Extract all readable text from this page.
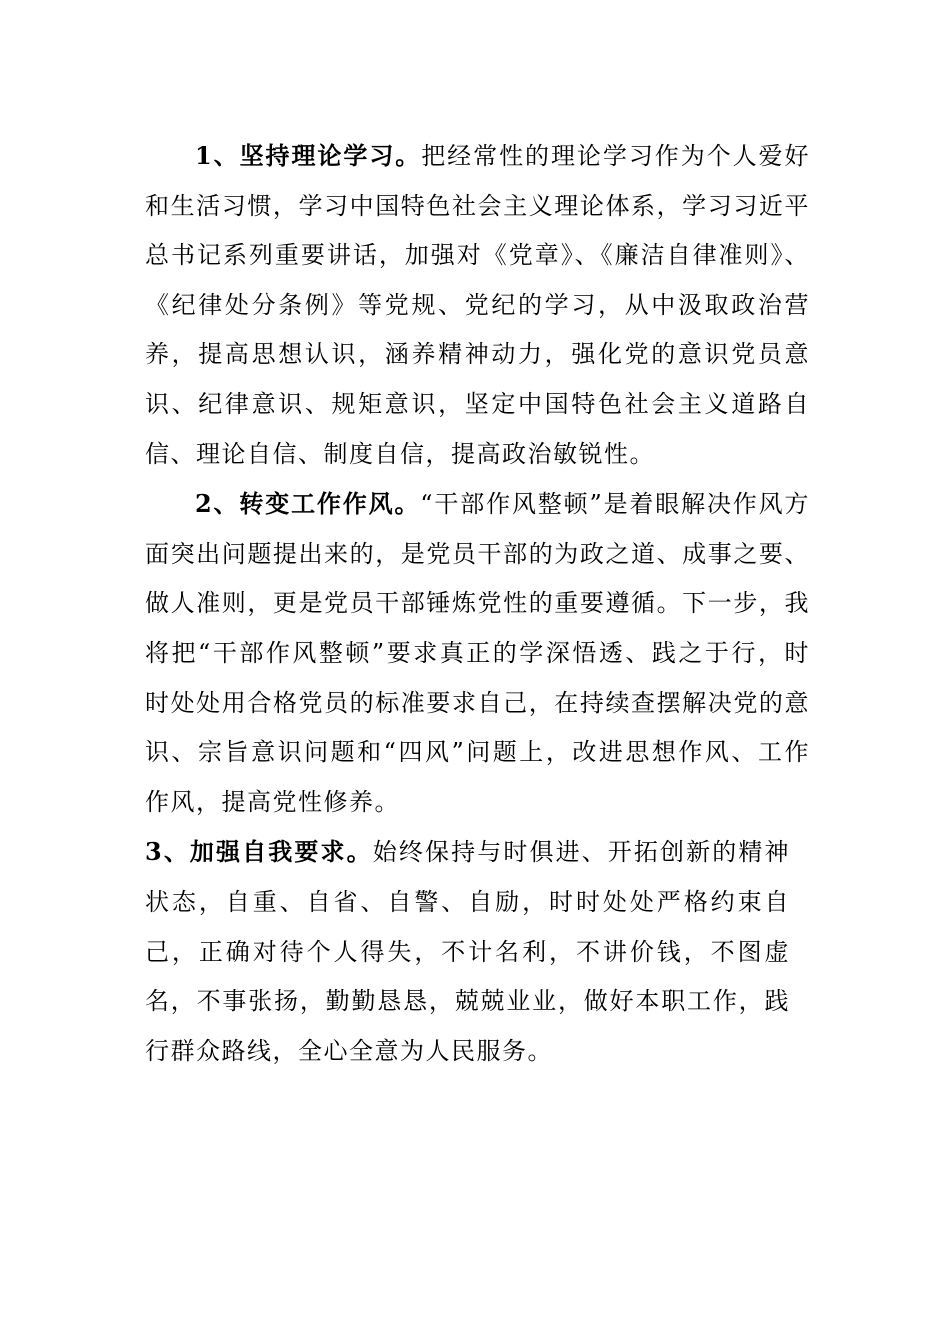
1、坚持理论学习。把经常性的理论学习作为个人爱好和生活习惯，学习中国特色社会主义理论体系，学习习近平总书记系列重要讲话，加强对《党章》、《廉洁自律准则》、《纪律处分条例》等党规、党纪的学习，从中汲取政治营养，提高思想认识，涵养精神动力，强化党的意识党员意识、纪律意识、规矩意识，坚定中国特色社会主义道路自信、理论自信、制度自信，提高政治敏锐性。

2、转变工作作风。“干部作风整顿”是着眼解决作风方面突出问题提出来的，是党员干部的为政之道、成事之要、做人准则，更是党员干部锤炼党性的重要遵循。下一步，我将把“干部作风整顿”要求真正的学深悟透、践之于行，时时处处用合格党员的标准要求自己，在持续查摆解决党的意识、宗旨意识问题和“四风”问题上，改进思想作风、工作作风，提高党性修养。

3、加强自我要求。始终保持与时俱进、开拓创新的精神状态，自重、自省、自警、自励，时时处处严格约束自己，正确对待个人得失，不计名利，不讲价钱，不图虚名，不事张扬，勤勤恳恳，兢兢业业，做好本职工作，践行群众路线，全心全意为人民服务。
